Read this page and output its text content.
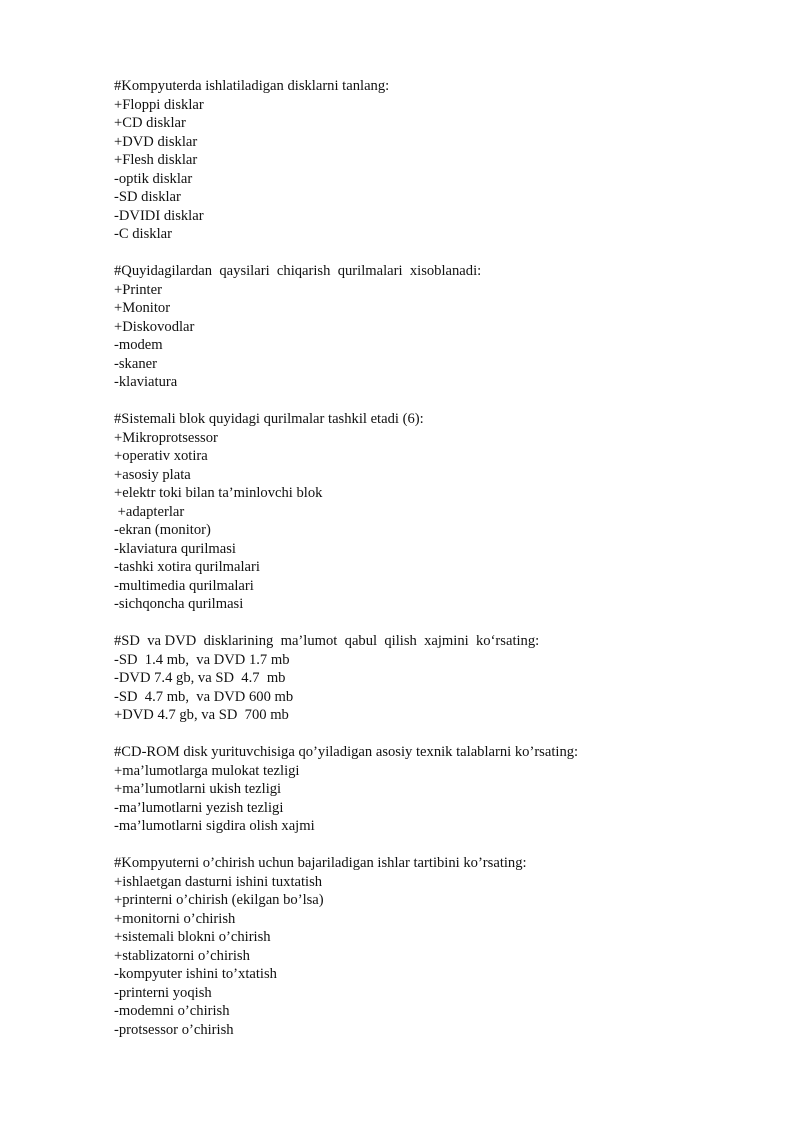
#Kompyuterda ishlatiladigan disklarni tanlang:
+Floppi disklar
+CD disklar
+DVD disklar
+Flesh disklar
-optik disklar
-SD disklar
-DVIDI disklar
-C disklar
#Quyidagilardan  qaysilari  chiqarish  qurilmalari  xisoblanadi:
+Printer
+Monitor
+Diskovodlar
-modem
-skaner
-klaviatura
#Sistemali blok quyidagi qurilmalar tashkil etadi (6):
+Mikroprotsessor
+operativ xotira
+asosiy plata
+elektr toki bilan ta’minlovchi blok
+adapterlar
-ekran (monitor)
-klaviatura qurilmasi
-tashki xotira qurilmalari
-multimedia qurilmalari
-sichqoncha qurilmasi
#SD  va DVD  disklarining  ma’lumot  qabul  qilish  xajmini  ko‘rsating:
-SD  1.4 mb,  va DVD 1.7 mb
-DVD 7.4 gb, va SD  4.7  mb
-SD  4.7 mb,  va DVD 600 mb
+DVD 4.7 gb, va SD  700 mb
#CD-ROM disk yurituvchisiga qo’yiladigan asosiy texnik talablarni ko’rsating:
+ma’lumotlarga mulokat tezligi
+ma’lumotlarni ukish tezligi
-ma’lumotlarni yezish tezligi
-ma’lumotlarni sigdira olish xajmi
#Kompyuterni o’chirish uchun bajariladigan ishlar tartibini ko’rsating:
+ishlaetgan dasturni ishini tuxtatish
+printerni o’chirish (ekilgan bo’lsa)
+monitorni o’chirish
+sistemali blokni o’chirish
+stablizatorni o’chirish
-kompyuter ishini to’xtatish
-printerni yoqish
-modemni o’chirish
-protsessor o’chirish
